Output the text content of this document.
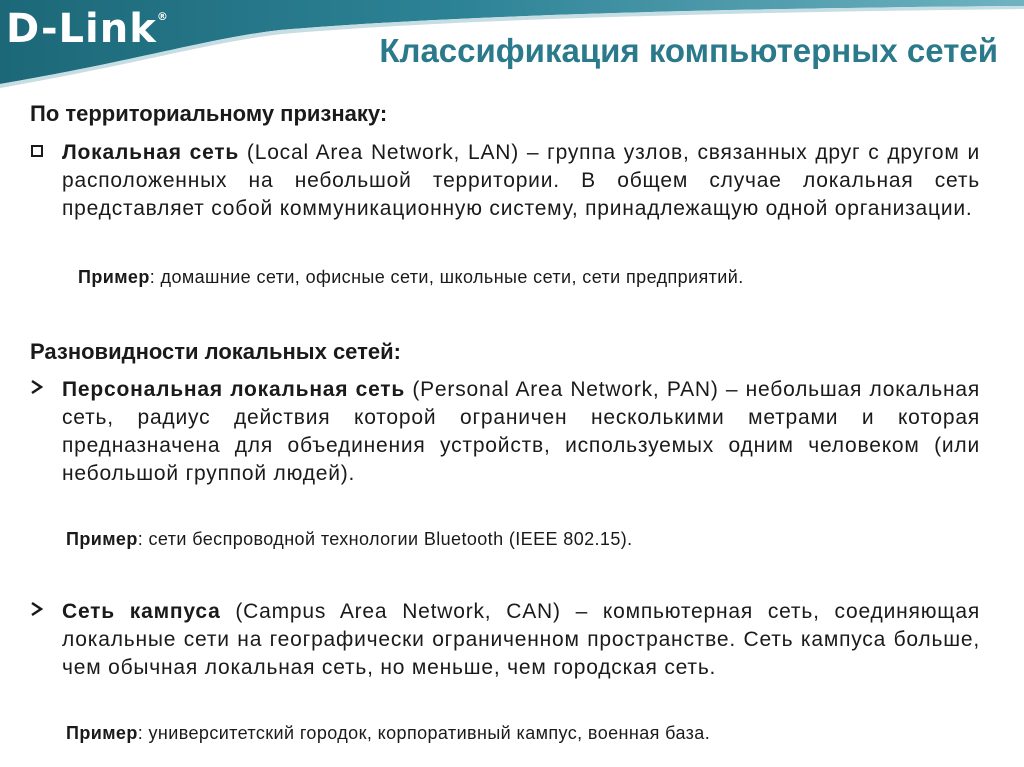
D-Link®
Классификация компьютерных сетей
По территориальному признаку:
Локальная сеть (Local Area Network, LAN) – группа узлов, связанных друг с другом и расположенных на небольшой территории. В общем случае локальная сеть представляет собой коммуникационную систему, принадлежащую одной организации.
Пример: домашние сети, офисные сети, школьные сети, сети предприятий.
Разновидности локальных сетей:
Персональная локальная сеть (Personal Area Network, PAN) – небольшая локальная сеть, радиус действия которой ограничен несколькими метрами и которая предназначена для объединения устройств, используемых одним человеком (или небольшой группой людей).
Пример: сети беспроводной технологии Bluetooth (IEEE 802.15).
Сеть кампуса (Campus Area Network, CAN) – компьютерная сеть, соединяющая локальные сети на географически ограниченном пространстве. Сеть кампуса больше, чем обычная локальная сеть, но меньше, чем городская сеть.
Пример: университетский городок, корпоративный кампус, военная база.
